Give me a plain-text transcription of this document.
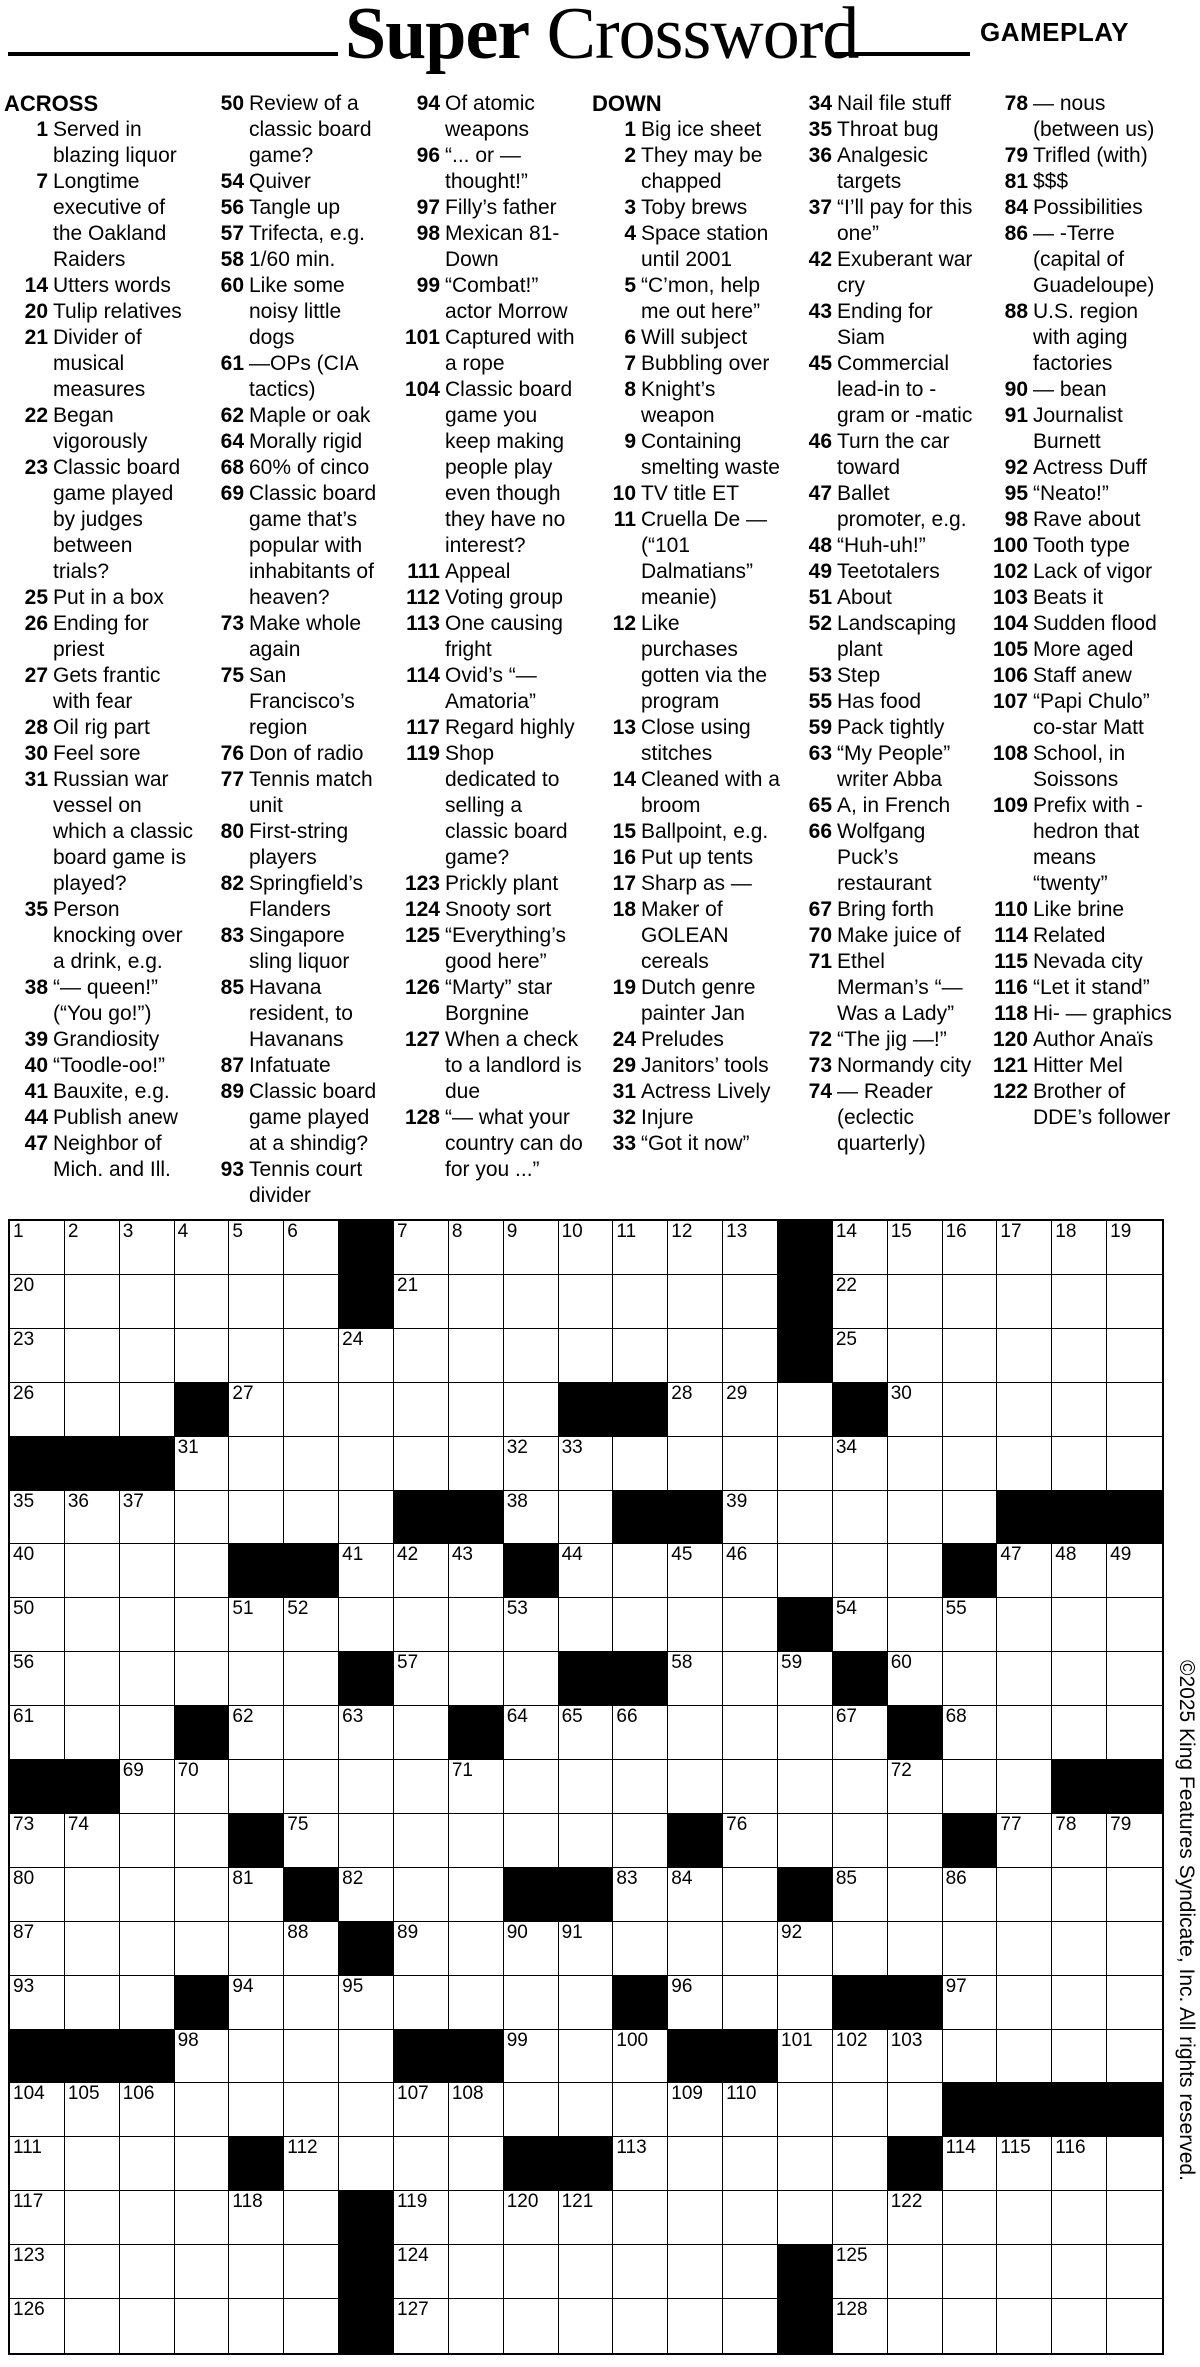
Super Crossword	GAMEPLAY
ACROSS
1 Served in blazing liquor
7 Longtime executive of the Oakland Raiders
14 Utters words
20 Tulip relatives
21 Divider of musical measures
22 Began vigorously
23 Classic board game played by judges between trials?
25 Put in a box
26 Ending for priest
27 Gets frantic with fear
28 Oil rig part
30 Feel sore
31 Russian war vessel on which a classic board game is played?
35 Person knocking over a drink, e.g.
38 “— queen!” (“You go!”)
39 Grandiosity
40 “Toodle-oo!”
41 Bauxite, e.g.
44 Publish anew
47 Neighbor of Mich. and Ill.
50 Review of a classic board game?
54 Quiver
56 Tangle up
57 Trifecta, e.g.
58 1/60 min.
60 Like some noisy little dogs
61 —OPs (CIA tactics)
62 Maple or oak
64 Morally rigid
68 60% of cinco
69 Classic board game that’s popular with inhabitants of heaven?
73 Make whole again
75 San Francisco’s region
76 Don of radio
77 Tennis match unit
80 First-string players
82 Springfield’s Flanders
83 Singapore sling liquor
85 Havana resident, to Havanans
87 Infatuate
89 Classic board game played at a shindig?
93 Tennis court divider
94 Of atomic weapons
96 “... or — thought!”
97 Filly’s father
98 Mexican 81-Down
99 “Combat!” actor Morrow
101 Captured with a rope
104 Classic board game you keep making people play even though they have no interest?
111 Appeal
112 Voting group
113 One causing fright
114 Ovid’s “— Amatoria”
117 Regard highly
119 Shop dedicated to selling a classic board game?
123 Prickly plant
124 Snooty sort
125 “Everything’s good here”
126 “Marty” star Borgnine
127 When a check to a landlord is due
128 “— what your country can do for you ...”
DOWN
1 Big ice sheet
2 They may be chapped
3 Toby brews
4 Space station until 2001
5 “C’mon, help me out here”
6 Will subject
7 Bubbling over
8 Knight’s weapon
9 Containing smelting waste
10 TV title ET
11 Cruella De — (“101 Dalmatians” meanie)
12 Like purchases gotten via the program
13 Close using stitches
14 Cleaned with a broom
15 Ballpoint, e.g.
16 Put up tents
17 Sharp as —
18 Maker of GOLEAN cereals
19 Dutch genre painter Jan
24 Preludes
29 Janitors’ tools
31 Actress Lively
32 Injure
33 “Got it now”
34 Nail file stuff
35 Throat bug
36 Analgesic targets
37 “I’ll pay for this one”
42 Exuberant war cry
43 Ending for Siam
45 Commercial lead-in to -gram or -matic
46 Turn the car toward
47 Ballet promoter, e.g.
48 “Huh-uh!”
49 Teetotalers
51 About
52 Landscaping plant
53 Step
55 Has food
59 Pack tightly
63 “My People” writer Abba
65 A, in French
66 Wolfgang Puck’s restaurant
67 Bring forth
70 Make juice of
71 Ethel Merman’s “— Was a Lady”
72 “The jig —!”
73 Normandy city
74 — Reader (eclectic quarterly)
78 — nous (between us)
79 Trifled (with)
81 $$$
84 Possibilities
86 — -Terre (capital of Guadeloupe)
88 U.S. region with aging factories
90 — bean
91 Journalist Burnett
92 Actress Duff
95 “Neato!”
98 Rave about
100 Tooth type
102 Lack of vigor
103 Beats it
104 Sudden flood
105 More aged
106 Staff anew
107 “Papi Chulo” co-star Matt
108 School, in Soissons
109 Prefix with -hedron that means “twenty”
110 Like brine
114 Related
115 Nevada city
116 “Let it stand”
118 Hi- — graphics
120 Author Anaïs
121 Hitter Mel
122 Brother of DDE’s follower
1 2 3 4 5 6	7 8 9 10 11 12 13	14 15 16 17 18 19
20	21	22
23	24	25
26	27	28 29	30
31	32 33	34
35 36 37	38	39
40	41 42 43	44	45 46	47 48 49
50	51 52	53	54	55
56	57	58	59	60
61	62	63	64 65 66	67	68
69 70	71	72
73 74	75	76	77 78 79
80	81	82	83 84	85	86
87	88	89	90 91	92
93	94	95	96	97
98	99	100	101 102 103
104 105 106	107 108	109 110
111	112	113	114 115 116
117	118	119	120 121	122
123	124	125
126	127	128
©2025 King Features Syndicate, Inc. All rights reserved.
